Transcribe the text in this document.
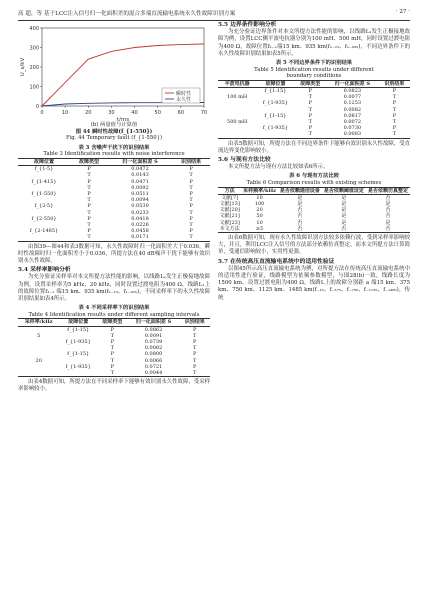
高 超，等 基于LCC注入信号归一化面积差的混合多端直流输电系统永久性故障识别方案	· 27 ·
0
100
200
300
400
0	10	20	30	40	50	60	70
t/ms
U_s/kV
瞬时性
永久性
(b) 两量值与计算值
图 44 瞬时性故障(f_{1-550})
Fig. 44 Temporary fault (f_{1-550})
表 3 含噪声干扰下的识别结果
Table 3 Identification results with noise interference
故障位置	故障类型	归一化面积差 S	识别结果
f_{1-5}	P	0.0472	P
	T	0.0143	T
f_{1-415}	P	0.0471	P
	T	0.0092	T
f_{1-550}	P	0.0511	P
	T	0.0094	T
f_{2-5}	P	0.0530	P
	T	0.0233	T
f_{2-550}	P	0.0418	P
	T	0.0226	T
f_{2-1485}	P	0.0458	P
	T	0.0171	T

由图39—图44和表3数据可知，永久性故障时归一化面积差大于0.036，瞬时性故障时归一化面积差小于0.036，所提方法在40 dB噪声干扰下能够有效识别永久性故障。

5.4 采样率影响分析

为充分验证采样率对本文所提方法性能的影响，以线路L₁发生正极接地故障为例，设置采样率为5 kHz、20 kHz，同时设置过渡电阻为400 Ω，线路L₁上的故障位置f₁₋ₓ 端15 km、935 km(f₁₋₁₅、f₁₋₉₃₅)，不同采样率下的永久性故障识别结果如表4所示。

表 4 不同采样率下的识别结果
Table 4 Identification results under different sampling intervals
采样率/kHz	故障位置	故障类型	归一化面积差 S	识别结果
	f_{1-15}	P	0.0862	P
5		T	0.0091	T
	f_{1-935}	P	0.0739	P
		T	0.0082	T
	f_{1-15}	P	0.0800	P
20		T	0.0066	T
	f_{1-935}	P	0.0721	P
		T	0.0044	T

由表4数据可知，所提方法在不同采样率下能够有效识别永久性故障，受采样率影响较小。

5.5 边界条件影响分析

为充分验证边界条件对本文所提方法性能的影响，以线路L₁发生正极接地故障为例，设置LCC侧平波电抗器分别为100 mH、500 mH，同时设置过渡电阻为400 Ω，故障位置f₁₋ₓ端15 km、935 km(f₁₋₁₅、f₁₋₉₃₅)，不同边界条件下的永久性故障识别结果如表5所示。

表 5 不同边界条件下的识别结果
Table 5 Identification results under different
boundary conditions
平波电抗器	故障位置	故障类型	归一化面积差 S	识别结果
	f_{1-15}	P	0.0823	P
100 mH		T	0.0077	T
	f_{1-935}	P	0.1253	P
		T	0.0082	T
	f_{1-15}	P	0.0817	P
500 mH		T	0.0072	T
	f_{1-935}	P	0.0730	P
		T	0.0083	T

由表5数据可知，所提方法在不同边界条件下能够有效识别永久性故障，受直流边界变化影响较小。

5.6 与现有方法比较

本文所提方法与现有方法比较如表6所示。

表 6 与现有方法比较
Table 6 Comparison results with existing schemes
方法	采样频率/kHz	是否依赖通信设备	是否依赖阈值设定	是否依赖仿真整定
文献[7]	10	是	是	否
文献[13]	100	是	是	是
文献[20]	20	否	是	否
文献[21]	50	否	是	否
文献[23]	10	否	是	是
本文方法	≥5	否	否	否

由表6数据可知，现有永久性故障识别方法较多依赖行波，受到采样率影响较大，并且，利用LCC注入信号的方法部分依赖仿真整定，而本文所提方法计算简单，受通信影响较小，实用性更强。

5.7 在传统高压直流输电系统中的适用性验证

以图45所示高压直流输电系统为例，对所提方法在传统高压直流输电系统中的适用性进行验证，线路模型为依频参数模型，与图28(b)一致，线路长度为1500 km。设置过渡电阻为400 Ω，线路L上的故障分别距 a 端15 km、375 km、750 km、1125 km、1485 km(f₋₁₅、f₋₃₇₅、f₋₇₅₀、f₋₁₁₂₅、f₋₁₄₈₅)，传统
